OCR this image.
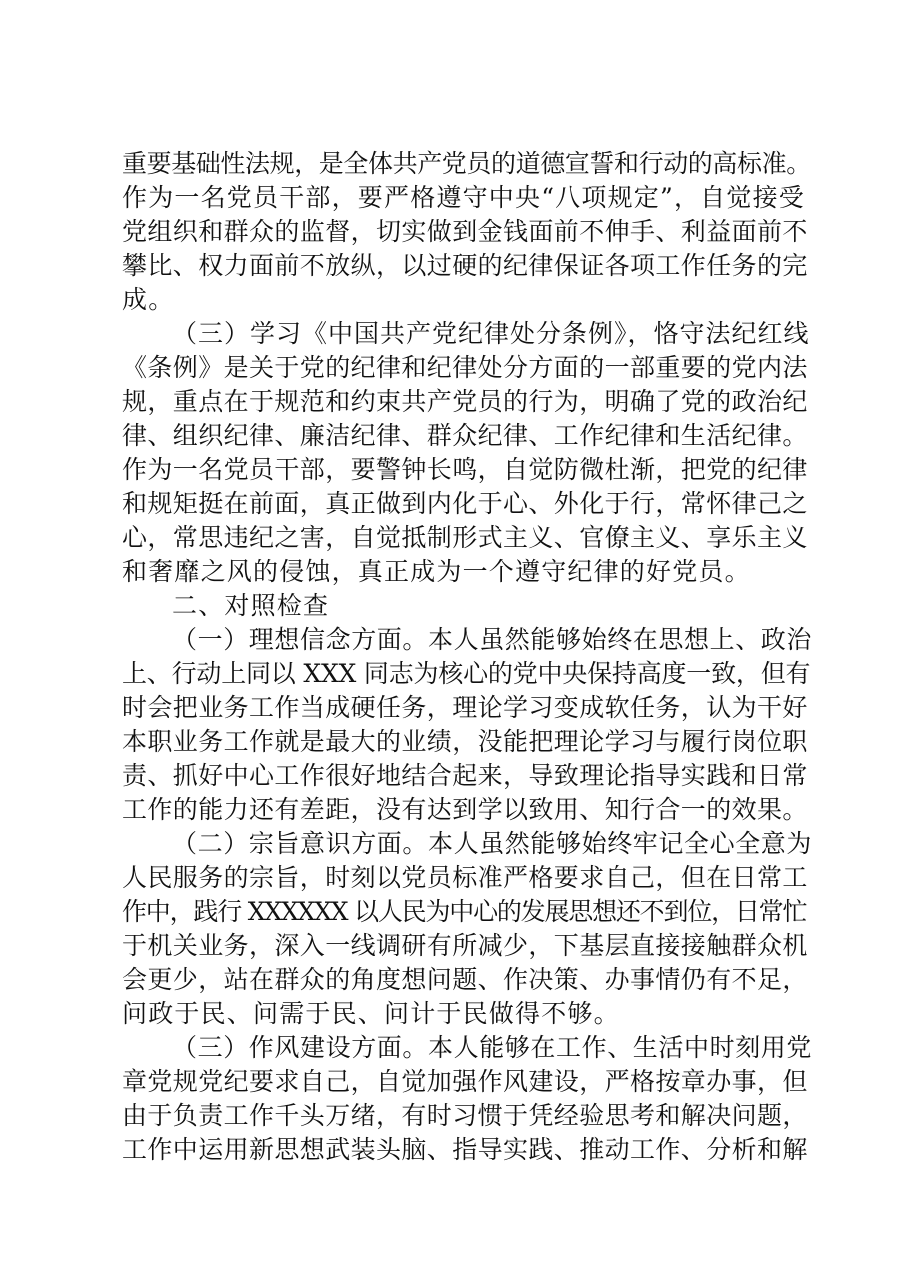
重要基础性法规，是全体共产党员的道德宣誓和行动的高标准。
作为一名党员干部，要严格遵守中央“八项规定”，自觉接受
党组织和群众的监督，切实做到金钱面前不伸手、利益面前不
攀比、权力面前不放纵，以过硬的纪律保证各项工作任务的完
成。
（三）学习《中国共产党纪律处分条例》，恪守法纪红线
《条例》是关于党的纪律和纪律处分方面的一部重要的党内法
规，重点在于规范和约束共产党员的行为，明确了党的政治纪
律、组织纪律、廉洁纪律、群众纪律、工作纪律和生活纪律。
作为一名党员干部，要警钟长鸣，自觉防微杜渐，把党的纪律
和规矩挺在前面，真正做到内化于心、外化于行，常怀律己之
心，常思违纪之害，自觉抵制形式主义、官僚主义、享乐主义
和奢靡之风的侵蚀，真正成为一个遵守纪律的好党员。
二、对照检查
（一）理想信念方面。本人虽然能够始终在思想上、政治
上、行动上同以 XXX 同志为核心的党中央保持高度一致，但有
时会把业务工作当成硬任务，理论学习变成软任务，认为干好
本职业务工作就是最大的业绩，没能把理论学习与履行岗位职
责、抓好中心工作很好地结合起来，导致理论指导实践和日常
工作的能力还有差距，没有达到学以致用、知行合一的效果。
（二）宗旨意识方面。本人虽然能够始终牢记全心全意为
人民服务的宗旨，时刻以党员标准严格要求自己，但在日常工
作中，践行 XXXXXX 以人民为中心的发展思想还不到位，日常忙
于机关业务，深入一线调研有所减少，下基层直接接触群众机
会更少，站在群众的角度想问题、作决策、办事情仍有不足，
问政于民、问需于民、问计于民做得不够。
（三）作风建设方面。本人能够在工作、生活中时刻用党
章党规党纪要求自己，自觉加强作风建设，严格按章办事，但
由于负责工作千头万绪，有时习惯于凭经验思考和解决问题，
工作中运用新思想武装头脑、指导实践、推动工作、分析和解
